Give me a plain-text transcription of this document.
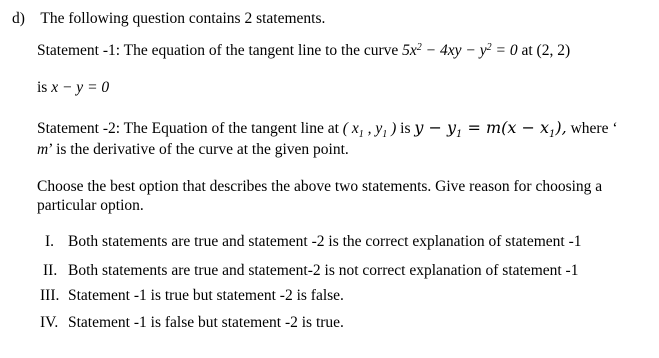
d) The following question contains 2 statements.
Statement -1: The equation of the tangent line to the curve $5x^2 - 4xy - y^2 = 0$ at (2, 2)
is x − y = 0
Statement -2: The Equation of the tangent line at ( $x_1$ , $y_1$ ) is $y - y_1 = m(x - x_1)$, where ‘
m’ is the derivative of the curve at the given point.
Choose the best option that describes the above two statements. Give reason for choosing a
particular option.
I. Both statements are true and statement -2 is the correct explanation of statement -1
II. Both statements are true and statement-2 is not correct explanation of statement -1
III. Statement -1 is true but statement -2 is false.
IV. Statement -1 is false but statement -2 is true.
